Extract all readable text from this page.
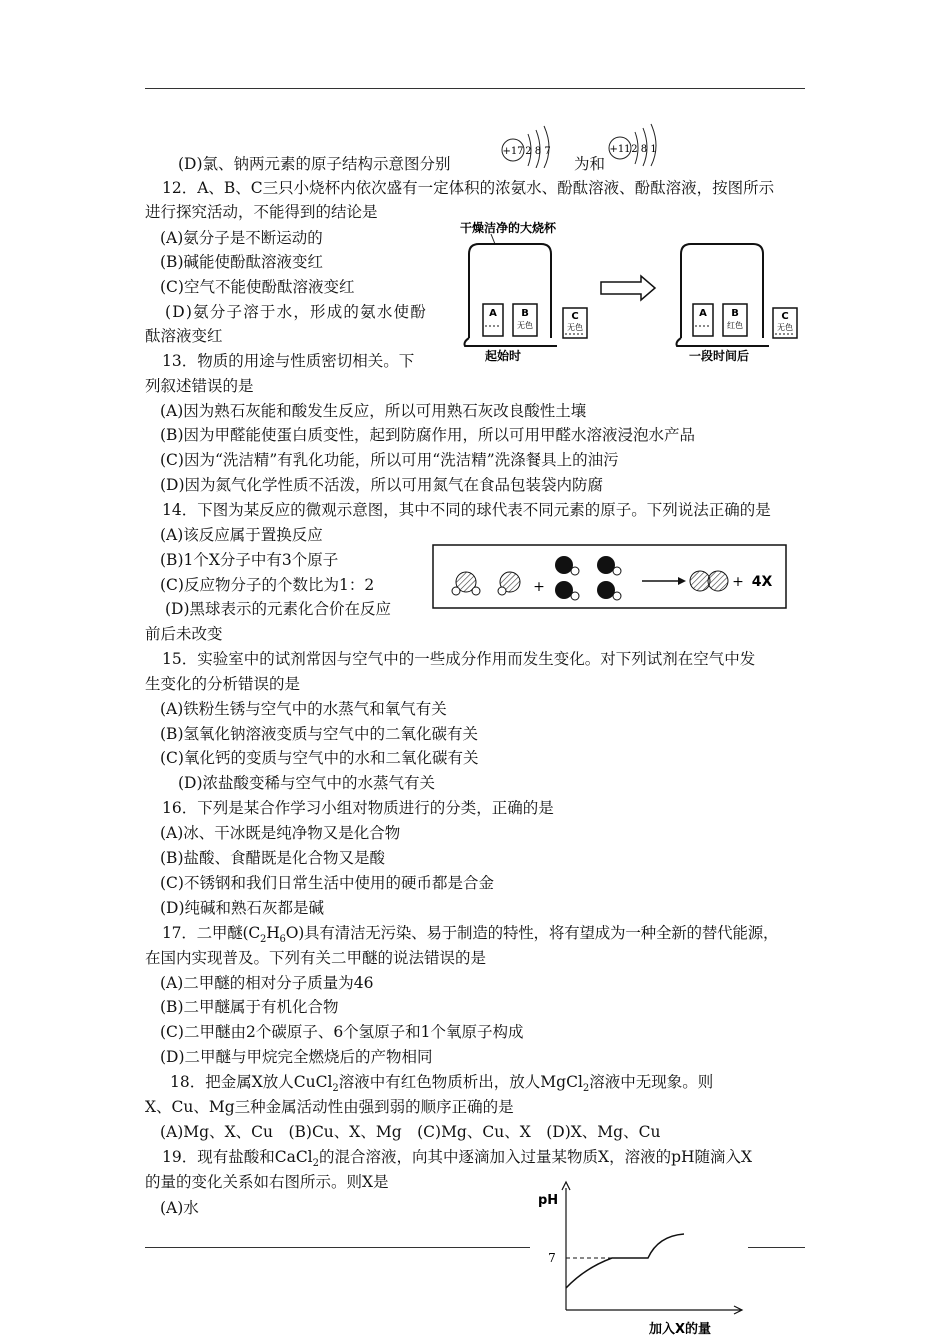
(D)氯、钠两元素的原子结构示意图分别
+17 2 8 7
为和
+11 2 8 1
12．A、B、C三只小烧杯内依次盛有一定体积的浓氨水、酚酞溶液、酚酞溶液，按图所示
进行探究活动，不能得到的结论是
(A)氨分子是不断运动的
(B)碱能使酚酞溶液变红
(C)空气不能使酚酞溶液变红
(D)氨分子溶于水，形成的氨水使酚
酞溶液变红
干燥洁净的大烧杯
A B
无色
C
无色
起始时
A B
红色
C
无色
一段时间后
13．物质的用途与性质密切相关。下
列叙述错误的是
(A)因为熟石灰能和酸发生反应，所以可用熟石灰改良酸性土壤
(B)因为甲醛能使蛋白质变性，起到防腐作用，所以可用甲醛水溶液浸泡水产品
(C)因为“洗洁精”有乳化功能，所以可用“洗洁精”洗涤餐具上的油污
(D)因为氮气化学性质不活泼，所以可用氮气在食品包装袋内防腐
14．下图为某反应的微观示意图，其中不同的球代表不同元素的原子。下列说法正确的是
(A)该反应属于置换反应
(B)1个X分子中有3个原子
(C)反应物分子的个数比为1：2
(D)黑球表示的元素化合价在反应
前后未改变
+	+ 4X
15．实验室中的试剂常因与空气中的一些成分作用而发生变化。对下列试剂在空气中发
生变化的分析错误的是
(A)铁粉生锈与空气中的水蒸气和氧气有关
(B)氢氧化钠溶液变质与空气中的二氧化碳有关
(C)氧化钙的变质与空气中的水和二氧化碳有关
(D)浓盐酸变稀与空气中的水蒸气有关
16．下列是某合作学习小组对物质进行的分类，正确的是
(A)冰、干冰既是纯净物又是化合物
(B)盐酸、食醋既是化合物又是酸
(C)不锈钢和我们日常生活中使用的硬币都是合金
(D)纯碱和熟石灰都是碱
17．二甲醚$(C_2H_6O)$具有清洁无污染、易于制造的特性，将有望成为一种全新的替代能源，
在国内实现普及。下列有关二甲醚的说法错误的是
(A)二甲醚的相对分子质量为46
(B)二甲醚属于有机化合物
(C)二甲醚由2个碳原子、6个氢原子和1个氧原子构成
(D)二甲醚与甲烷完全燃烧后的产物相同
18．把金属X放人CuCl$_2$溶液中有红色物质析出，放人MgCl$_2$溶液中无现象。则
X、Cu、Mg三种金属活动性由强到弱的顺序正确的是
(A)Mg、X、Cu　(B)Cu、X、Mg　(C)Mg、Cu、X　(D)X、Mg、Cu
19．现有盐酸和CaCl$_2$的混合溶液，向其中逐滴加入过量某物质X，溶液的pH随滴入X
的量的变化关系如右图所示。则X是
(A)水	pH
7
加入X的量
